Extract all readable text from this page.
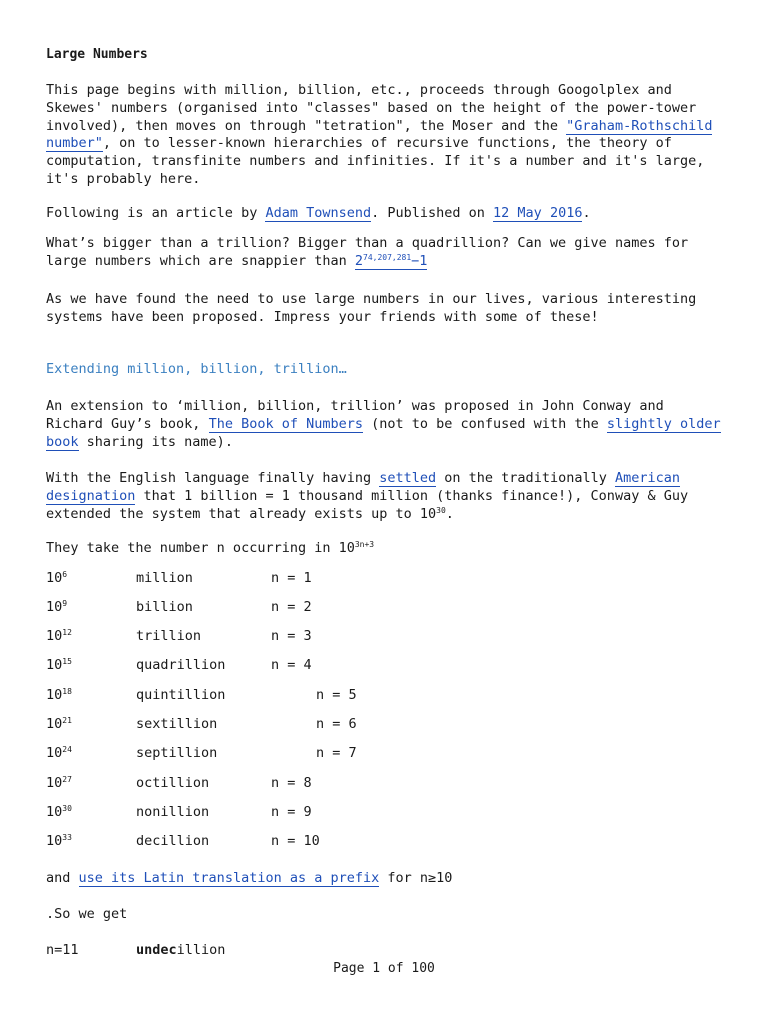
Large Numbers

This page begins with million, billion, etc., proceeds through Googolplex and Skewes' numbers (organised into "classes" based on the height of the power-tower involved), then moves on through "tetration", the Moser and the "Graham-Rothschild number", on to lesser-known hierarchies of recursive functions, the theory of computation, transfinite numbers and infinities. If it's a number and it's large, it's probably here.

Following is an article by Adam Townsend. Published on 12 May 2016.

What’s bigger than a trillion? Bigger than a quadrillion? Can we give names for large numbers which are snappier than $2^{74,207,281}-1$

As we have found the need to use large numbers in our lives, various interesting systems have been proposed. Impress your friends with some of these!

Extending million, billion, trillion…

An extension to ‘million, billion, trillion’ was proposed in John Conway and Richard Guy’s book, The Book of Numbers (not to be confused with the slightly older book sharing its name).

With the English language finally having settled on the traditionally American designation that 1 billion = 1 thousand million (thanks finance!), Conway & Guy extended the system that already exists up to $10^{30}$.

They take the number n occurring in $10^{3n+3}$

$10^6$	million	n = 1
$10^9$	billion	n = 2
$10^{12}$	trillion	n = 3
$10^{15}$	quadrillion	n = 4
$10^{18}$	quintillion	n = 5
$10^{21}$	sextillion	n = 6
$10^{24}$	septillion	n = 7
$10^{27}$	octillion	n = 8
$10^{30}$	nonillion	n = 9
$10^{33}$	decillion	n = 10

and use its Latin translation as a prefix for n≥10

.So we get

n=11	undecillion
Page 1 of 100
